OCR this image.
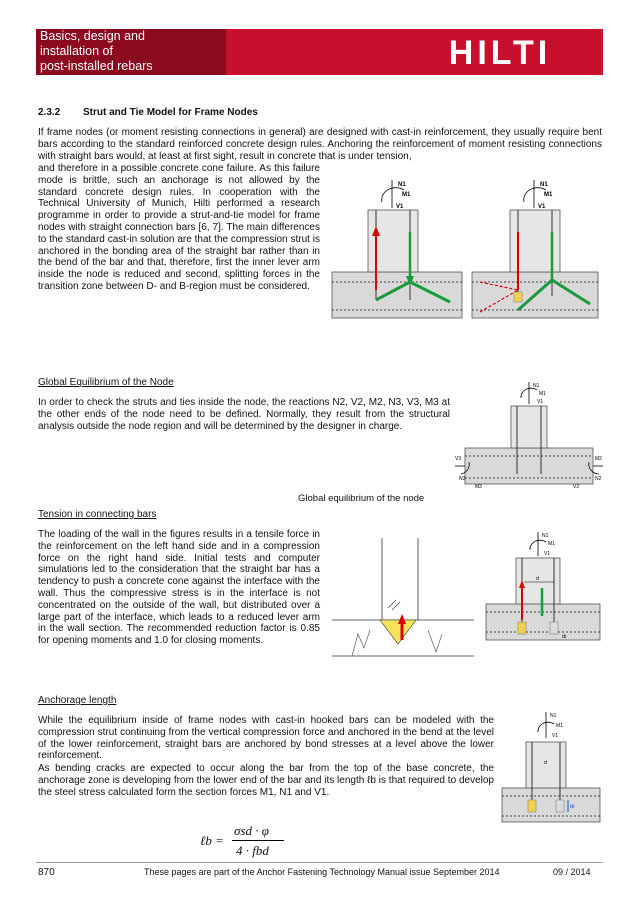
Basics, design and
installation of
post-installed rebars	HILTI
2.3.2 Strut and Tie Model for Frame Nodes
If frame nodes (or moment resisting connections in general) are designed with cast-in reinforcement, they usually require bent bars according to the standard reinforced concrete design rules. Anchoring the reinforcement of moment resisting connections with straight bars would, at least at first sight, result in concrete that is under tension,
and therefore in a possible concrete cone failure. As this failure mode is brittle, such an anchorage is not allowed by the standard concrete design rules. In cooperation with the Technical University of Munich, Hilti performed a research programme in order to provide a strut-and-tie model for frame nodes with straight connection bars [6, 7]. The main differences to the standard cast-in solution are that the compression strut is anchored in the bonding area of the straight bar rather than in the bend of the bar and that, therefore, first the inner lever arm inside the node is reduced and second, splitting forces in the transition zone between D- and B-region must be considered.
N1
M1
V1
N1
M1
V1
Global Equilibrium of the Node
In order to check the struts and ties inside the node, the reactions N2, V2, M2, N3, V3, M3 at the other ends of the node need to be defined. Normally, they result from the structural analysis outside the node region and will be determined by the designer in charge.
N1
M1
V1
V3
N3
M3
M2
N2
V2
Global equilibrium of the node
Tension in connecting bars
The loading of the wall in the figures results in a tensile force in the reinforcement on the left hand side and in a compression force on the right hand side. Initial tests and computer simulations led to the consideration that the straight bar has a tendency to push a concrete cone against the interface with the wall. Thus the compressive stress is in the interface is not concentrated on the outside of the wall, but distributed over a large part of the interface, which leads to a reduced lever arm in the wall section. The recommended reduction factor is 0.85 for opening moments and 1.0 for closing moments.
d
ℓb
N1
M1
V1
Anchorage length
While the equilibrium inside of frame nodes with cast-in hooked bars can be modeled with the compression strut continuing from the vertical compression force and anchored in the bend at the level of the lower reinforcement, straight bars are anchored by bond stresses at a level above the lower reinforcement.
As bending cracks are expected to occur along the bar from the top of the base concrete, the anchorage zone is developing from the lower end of the bar and its length ℓb is that required to develop the steel stress calculated form the section forces M1, N1 and V1.
ℓb
d
N1
M1
V1
ℓb =
σsd · φ
4 · fbd
870	These pages are part of the Anchor Fastening Technology Manual issue September 2014	09 / 2014
